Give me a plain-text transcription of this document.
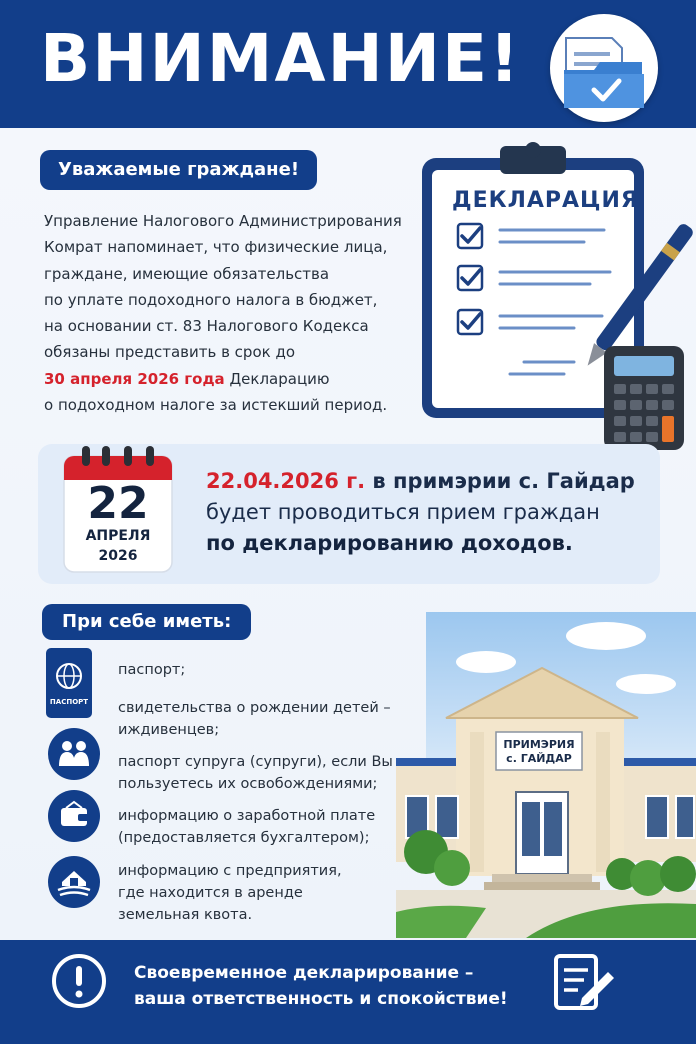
ВНИМАНИЕ!
Уважаемые граждане!
Управление Налогового Администрирования
Комрат напоминает, что физические лица,
граждане, имеющие обязательства
по уплате подоходного налога в бюджет,
на основании ст. 83 Налогового Кодекса
обязаны представить в срок до
30 апреля 2026 года Декларацию
о подоходном налоге за истекший период.
ДЕКЛАРАЦИЯ
22
АПРЕЛЯ
2026
22.04.2026 г. в примэрии с. Гайдар
будет проводиться прием граждан
по декларированию доходов.
При себе иметь:
ПАСПОРТ
паспорт;
свидетельства о рождении детей –
иждивенцев;
паспорт супруга (супруги), если Вы
пользуетесь их освобождениями;
информацию о заработной плате
(предоставляется бухгалтером);
информацию с предприятия,
где находится в аренде
земельная квота.
ПРИМЭРИЯ
с. ГАЙДАР
Своевременное декларирование –
ваша ответственность и спокойствие!
